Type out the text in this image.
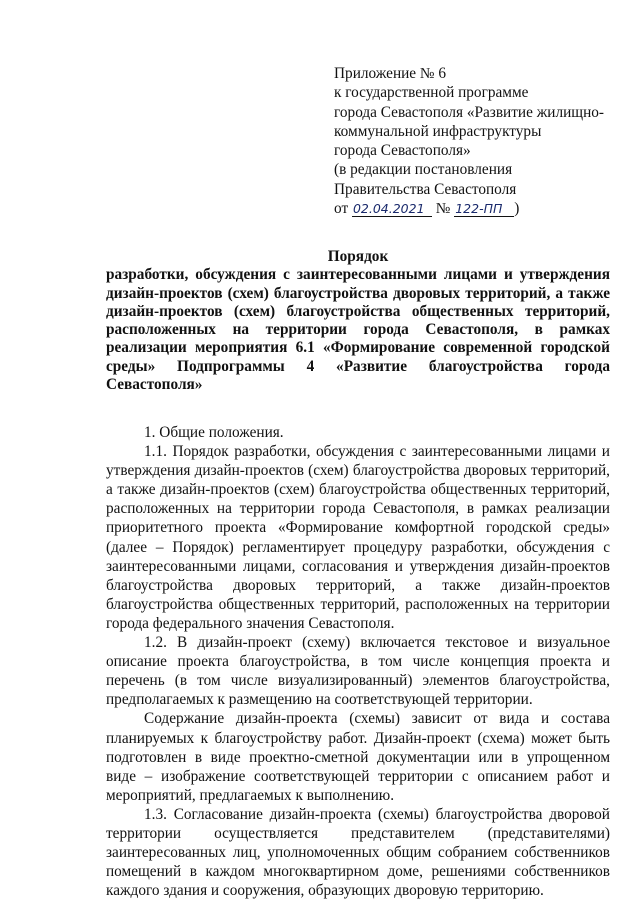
Приложение № 6
к государственной программе
города Севастополя «Развитие жилищно-
коммунальной инфраструктуры
города Севастополя»
(в редакции постановления
Правительства Севастополя
от 02.04.2021 № 122-ПП )
Порядок
разработки, обсуждения с заинтересованными лицами и утверждения дизайн-проектов (схем) благоустройства дворовых территорий, а также дизайн-проектов (схем) благоустройства общественных территорий, расположенных на территории города Севастополя, в рамках реализации мероприятия 6.1 «Формирование современной городской среды» Подпрограммы 4 «Развитие благоустройства города Севастополя»

1. Общие положения.

1.1. Порядок разработки, обсуждения с заинтересованными лицами и утверждения дизайн-проектов (схем) благоустройства дворовых территорий, а также дизайн-проектов (схем) благоустройства общественных территорий, расположенных на территории города Севастополя, в рамках реализации приоритетного проекта «Формирование комфортной городской среды» (далее – Порядок) регламентирует процедуру разработки, обсуждения с заинтересованными лицами, согласования и утверждения дизайн-проектов благоустройства дворовых территорий, а также дизайн-проектов благоустройства общественных территорий, расположенных на территории города федерального значения Севастополя.

1.2. В дизайн-проект (схему) включается текстовое и визуальное описание проекта благоустройства, в том числе концепция проекта и перечень (в том числе визуализированный) элементов благоустройства, предполагаемых к размещению на соответствующей территории.

Содержание дизайн-проекта (схемы) зависит от вида и состава планируемых к благоустройству работ. Дизайн-проект (схема) может быть подготовлен в виде проектно-сметной документации или в упрощенном виде – изображение соответствующей территории с описанием работ и мероприятий, предлагаемых к выполнению.

1.3. Согласование дизайн-проекта (схемы) благоустройства дворовой территории осуществляется представителем (представителями) заинтересованных лиц, уполномоченных общим собранием собственников помещений в каждом многоквартирном доме, решениями собственников каждого здания и сооружения, образующих дворовую территорию.
